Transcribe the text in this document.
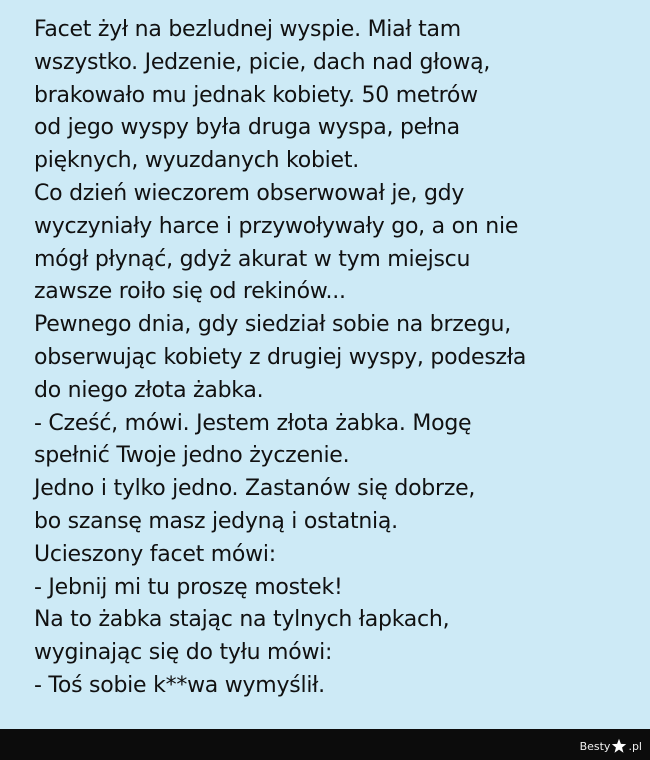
Facet żył na bezludnej wyspie. Miał tam
wszystko. Jedzenie, picie, dach nad głową,
brakowało mu jednak kobiety. 50 metrów
od jego wyspy była druga wyspa, pełna
pięknych, wyuzdanych kobiet.
Co dzień wieczorem obserwował je, gdy
wyczyniały harce i przywoływały go, a on nie
mógł płynąć, gdyż akurat w tym miejscu
zawsze roiło się od rekinów...
Pewnego dnia, gdy siedział sobie na brzegu,
obserwując kobiety z drugiej wyspy, podeszła
do niego złota żabka.
- Cześć, mówi. Jestem złota żabka. Mogę
spełnić Twoje jedno życzenie.
Jedno i tylko jedno. Zastanów się dobrze,
bo szansę masz jedyną i ostatnią.
Ucieszony facet mówi:
- Jebnij mi tu proszę mostek!
Na to żabka stając na tylnych łapkach,
wyginając się do tyłu mówi:
- Toś sobie k**wa wymyślił.
Besty .pl
